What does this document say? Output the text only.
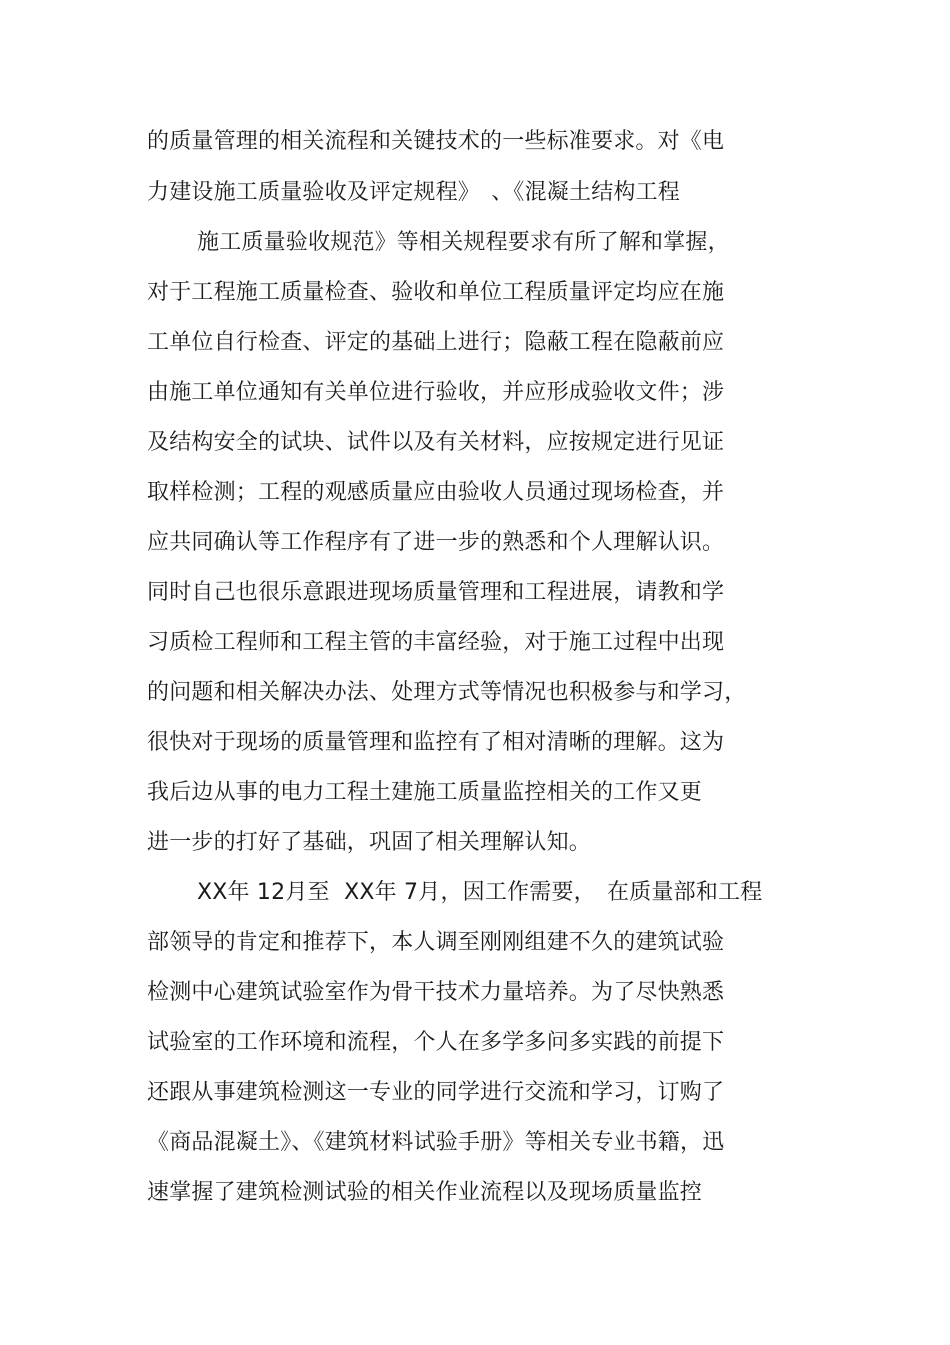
的质量管理的相关流程和关键技术的一些标准要求。对《电
力建设施工质量验收及评定规程》　、《混凝土结构工程
施工质量验收规范》等相关规程要求有所了解和掌握，
对于工程施工质量检查、验收和单位工程质量评定均应在施
工单位自行检查、评定的基础上进行；隐蔽工程在隐蔽前应
由施工单位通知有关单位进行验收，并应形成验收文件；涉
及结构安全的试块、试件以及有关材料，应按规定进行见证
取样检测；工程的观感质量应由验收人员通过现场检查，并
应共同确认等工作程序有了进一步的熟悉和个人理解认识。
同时自己也很乐意跟进现场质量管理和工程进展，请教和学
习质检工程师和工程主管的丰富经验，对于施工过程中出现
的问题和相关解决办法、处理方式等情况也积极参与和学习，
很快对于现场的质量管理和监控有了相对清晰的理解。这为
我后边从事的电力工程土建施工质量监控相关的工作又更
进一步的打好了基础，巩固了相关理解认知。
XX年 12月至  XX年 7月，因工作需要，　在质量部和工程
部领导的肯定和推荐下，本人调至刚刚组建不久的建筑试验
检测中心建筑试验室作为骨干技术力量培养。为了尽快熟悉
试验室的工作环境和流程，个人在多学多问多实践的前提下
还跟从事建筑检测这一专业的同学进行交流和学习，订购了
《商品混凝土》、《建筑材料试验手册》等相关专业书籍，迅
速掌握了建筑检测试验的相关作业流程以及现场质量监控
